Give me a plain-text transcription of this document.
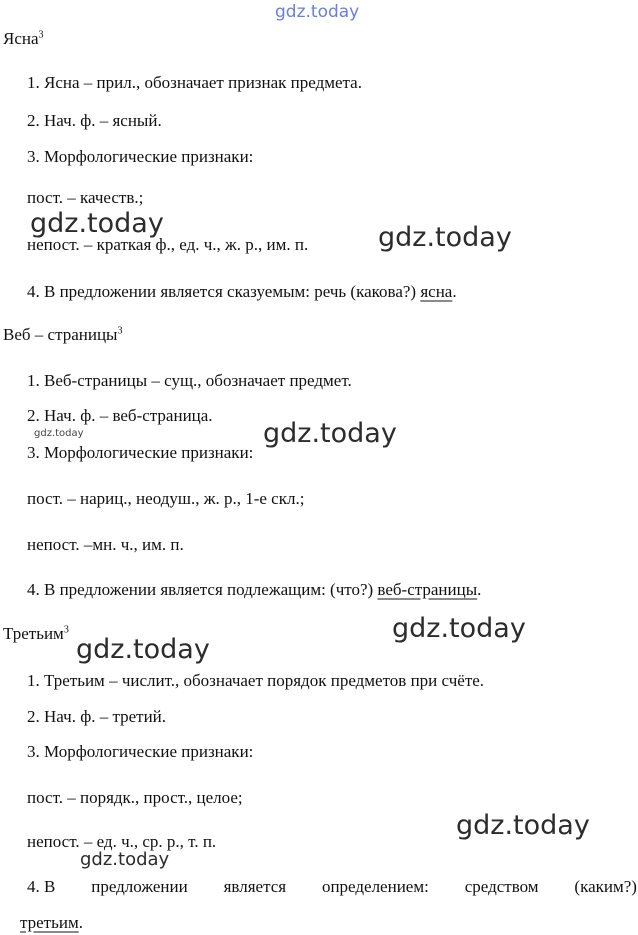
Ясна$^3$
1. Ясна – прил., обозначает признак предмета.
2. Нач. ф. – ясный.
3. Морфологические признаки:
пост. – качеств.;
непост. – краткая ф., ед. ч., ж. р., им. п.
4. В предложении является сказуемым: речь (какова?) ясна.
Веб – страницы$^3$
1. Веб-страницы – сущ., обозначает предмет.
2. Нач. ф. – веб-страница.
3. Морфологические признаки:
пост. – нариц., неодуш., ж. р., 1-е скл.;
непост. –мн. ч., им. п.
4. В предложении является подлежащим: (что?) веб-страницы.
Третьим$^3$
1. Третьим – числит., обозначает порядок предметов при счёте.
2. Нач. ф. – третий.
3. Морфологические признаки:
пост. – порядк., прост., целое;
непост. – ед. ч., ср. р., т. п.
4. В предложении является определением: средством (каким?)
третьим.
gdz.today
gdz.today	gdz.today
gdz.today	gdz.today
gdz.today
gdz.today
gdz.today
gdz.today
